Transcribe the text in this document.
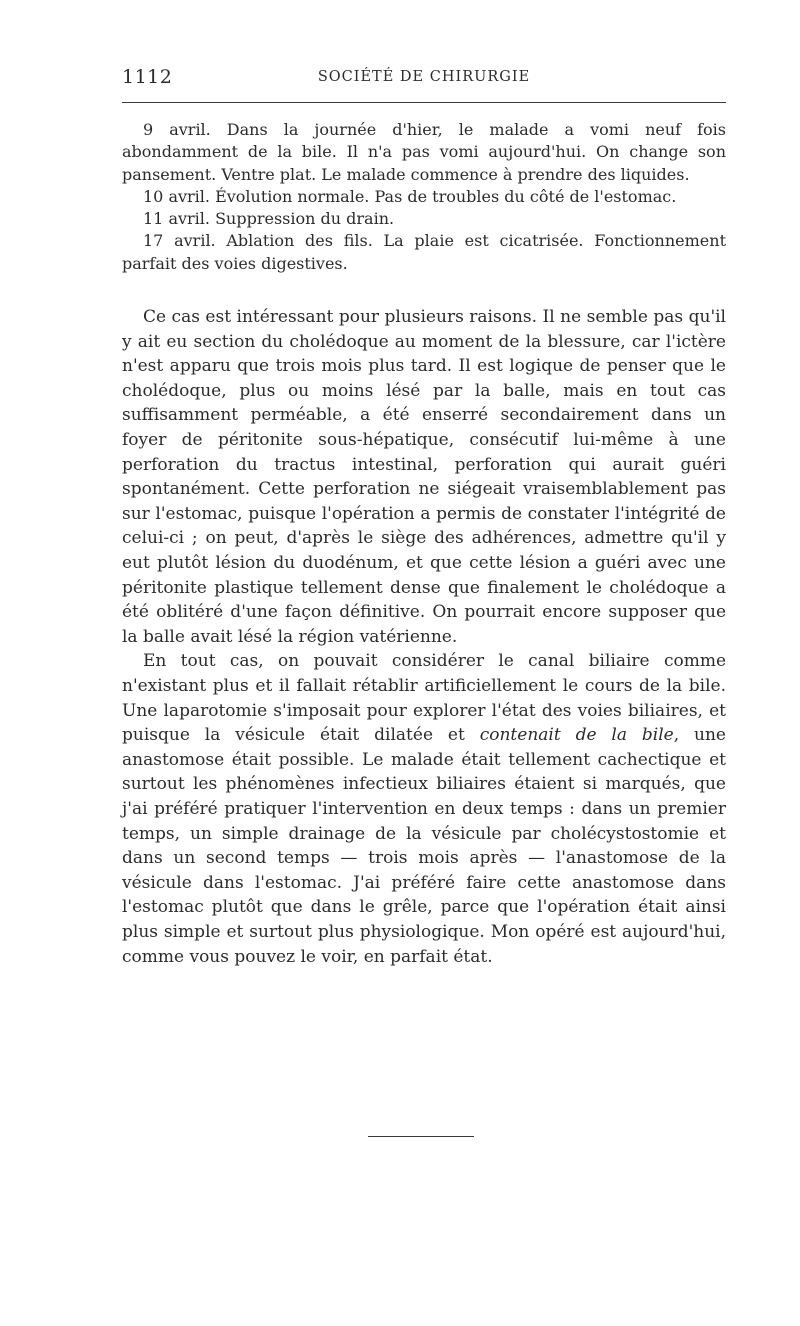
1112	SOCIÉTÉ DE CHIRURGIE

9 avril. Dans la journée d'hier, le malade a vomi neuf fois abondamment de la bile. Il n'a pas vomi aujourd'hui. On change son pansement. Ventre plat. Le malade commence à prendre des liquides.

10 avril. Évolution normale. Pas de troubles du côté de l'estomac.

11 avril. Suppression du drain.

17 avril. Ablation des fils. La plaie est cicatrisée. Fonctionnement parfait des voies digestives.

Ce cas est intéressant pour plusieurs raisons. Il ne semble pas qu'il y ait eu section du cholédoque au moment de la blessure, car l'ictère n'est apparu que trois mois plus tard. Il est logique de penser que le cholédoque, plus ou moins lésé par la balle, mais en tout cas suffisamment perméable, a été enserré secondairement dans un foyer de péritonite sous-hépatique, consécutif lui-même à une perforation du tractus intestinal, perforation qui aurait guéri spontanément. Cette perforation ne siégeait vraisemblablement pas sur l'estomac, puisque l'opération a permis de constater l'intégrité de celui-ci ; on peut, d'après le siège des adhérences, admettre qu'il y eut plutôt lésion du duodénum, et que cette lésion a guéri avec une péritonite plastique tellement dense que finalement le cholédoque a été oblitéré d'une façon définitive. On pourrait encore supposer que la balle avait lésé la région vatérienne.

En tout cas, on pouvait considérer le canal biliaire comme n'existant plus et il fallait rétablir artificiellement le cours de la bile. Une laparotomie s'imposait pour explorer l'état des voies biliaires, et puisque la vésicule était dilatée et contenait de la bile, une anastomose était possible. Le malade était tellement cachectique et surtout les phénomènes infectieux biliaires étaient si marqués, que j'ai préféré pratiquer l'intervention en deux temps : dans un premier temps, un simple drainage de la vésicule par cholécystostomie et dans un second temps — trois mois après — l'anastomose de la vésicule dans l'estomac. J'ai préféré faire cette anastomose dans l'estomac plutôt que dans le grêle, parce que l'opération était ainsi plus simple et surtout plus physiologique. Mon opéré est aujourd'hui, comme vous pouvez le voir, en parfait état.
